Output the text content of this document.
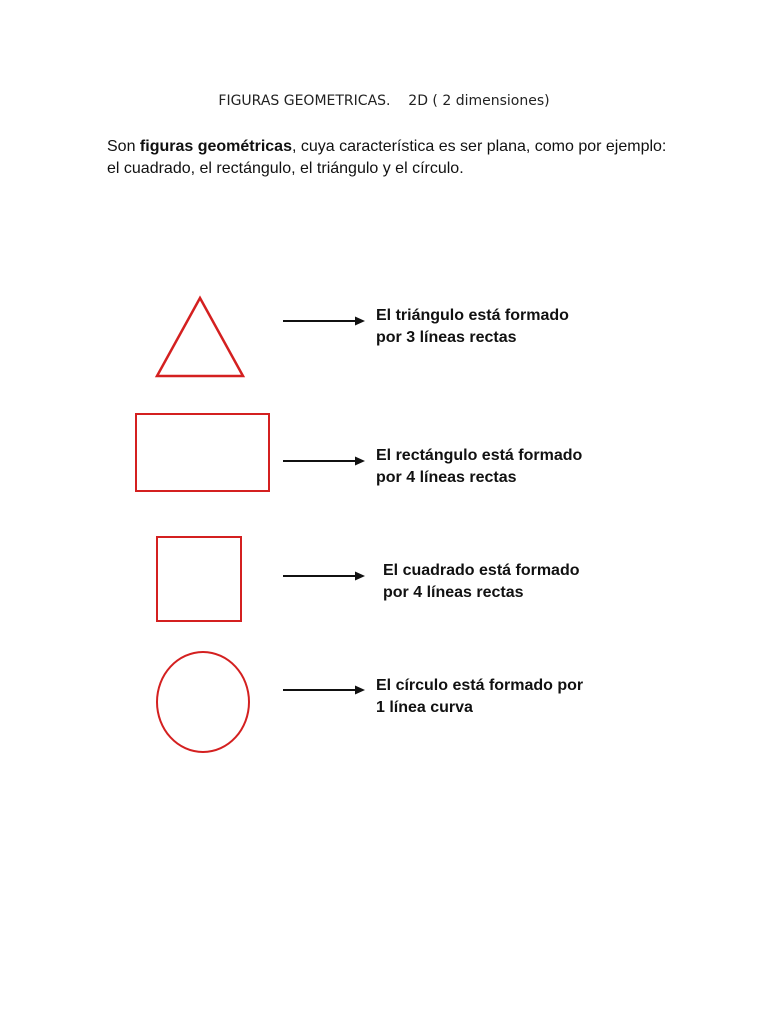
FIGURAS GEOMETRICAS. 2D ( 2 dimensiones)
Son figuras geométricas, cuya característica es ser plana, como por ejemplo: el cuadrado, el rectángulo, el triángulo y el círculo.
El triángulo está formado
por 3 líneas rectas
El rectángulo está formado
por 4 líneas rectas
El cuadrado está formado
por 4 líneas rectas
El círculo está formado por
1 línea curva
